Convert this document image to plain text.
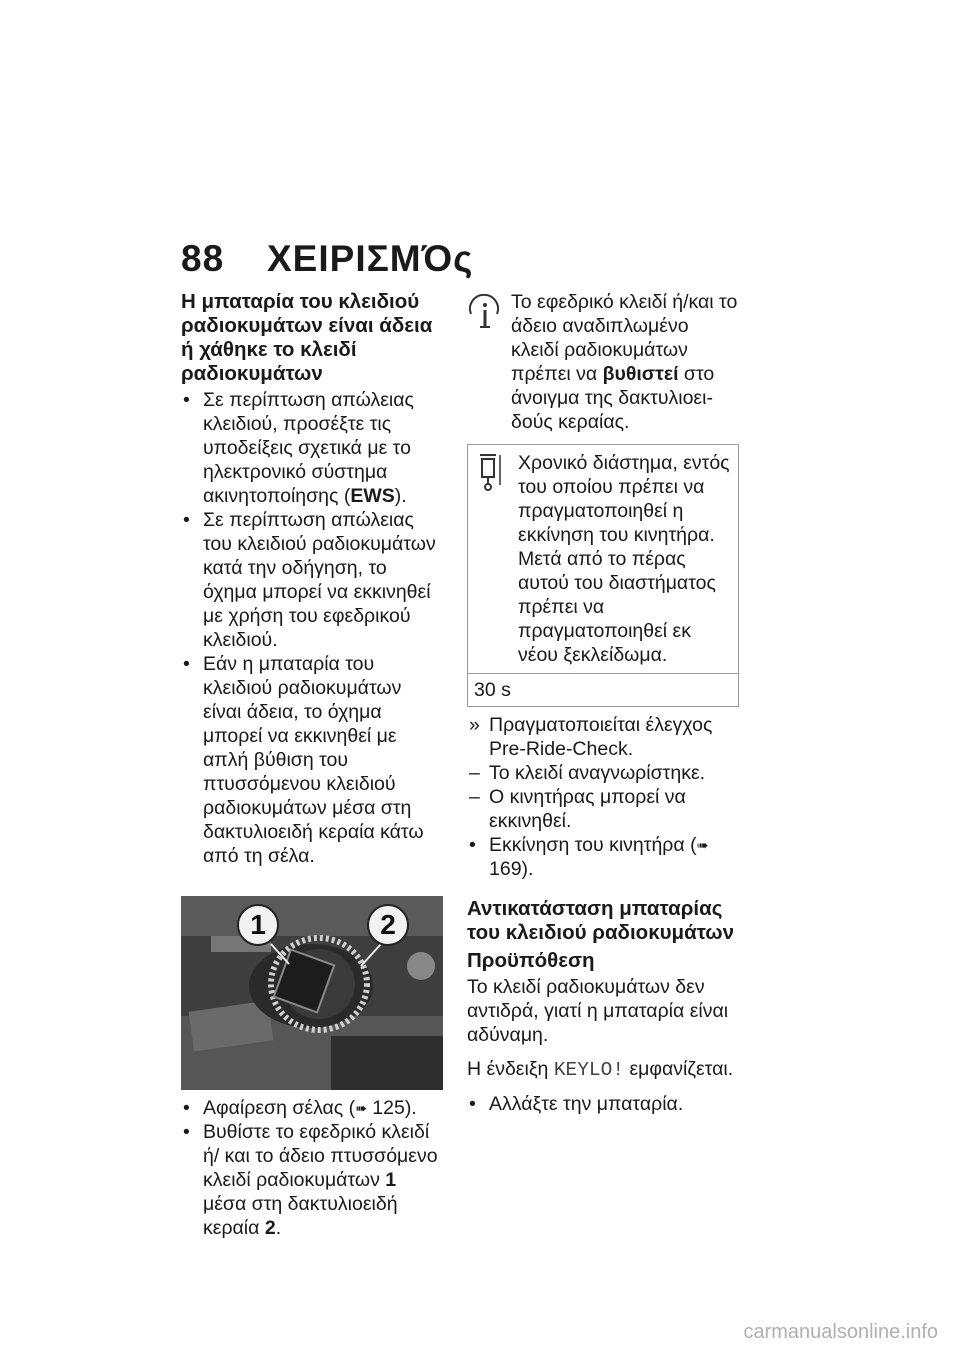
88 ΧΕΙΡΙΣΜΌς
Η μπαταρία του κλειδιού ραδιοκυμάτων είναι άδεια ή χάθηκε το κλειδί ραδιοκυμάτων
• Σε περίπτωση απώλειας κλειδιού, προσέξτε τις υποδείξεις σχετικά με το ηλεκτρονικό σύστημα ακινητοποίησης (EWS).
• Σε περίπτωση απώλειας του κλειδιού ραδιοκυμάτων κατά την οδήγηση, το όχημα μπορεί να εκκινηθεί με χρήση του εφεδρικού κλειδιού.
• Εάν η μπαταρία του κλειδιού ραδιοκυμάτων είναι άδεια, το όχημα μπορεί να εκκινηθεί με απλή βύθιση του πτυσσόμενου κλειδιού ραδιοκυμάτων μέσα στη δακτυλιοειδή κεραία κάτω από τη σέλα.
1	2
• Αφαίρεση σέλας (➠ 125).
• Βυθίστε το εφεδρικό κλειδί ή/ και το άδειο πτυσσόμενο κλειδί ραδιοκυμάτων 1 μέσα στη δακτυλιοειδή κεραία 2.
Το εφεδρικό κλειδί ή/και το άδειο αναδιπλωμένο κλειδί ραδιοκυμάτων πρέπει να βυθιστεί στο άνοιγμα της δακτυλιοειδούς κεραίας.
Χρονικό διάστημα, εντός του οποίου πρέπει να πραγματοποιηθεί η εκκίνηση του κινητήρα. Μετά από το πέρας αυτού του διαστήματος πρέπει να πραγματοποιηθεί εκ νέου ξεκλείδωμα.
30 s
» Πραγματοποιείται έλεγχος Pre-Ride-Check.
– Το κλειδί αναγνωρίστηκε.
– Ο κινητήρας μπορεί να εκκινηθεί.
• Εκκίνηση του κινητήρα (➠ 169).
Αντικατάσταση μπαταρίας του κλειδιού ραδιοκυμάτων
Προϋπόθεση

Το κλειδί ραδιοκυμάτων δεν αντιδρά, γιατί η μπαταρία είναι αδύναμη.

Η ένδειξη KEYLO! εμφανίζεται.

• Αλλάξτε την μπαταρία.
carmanualsonline.info
